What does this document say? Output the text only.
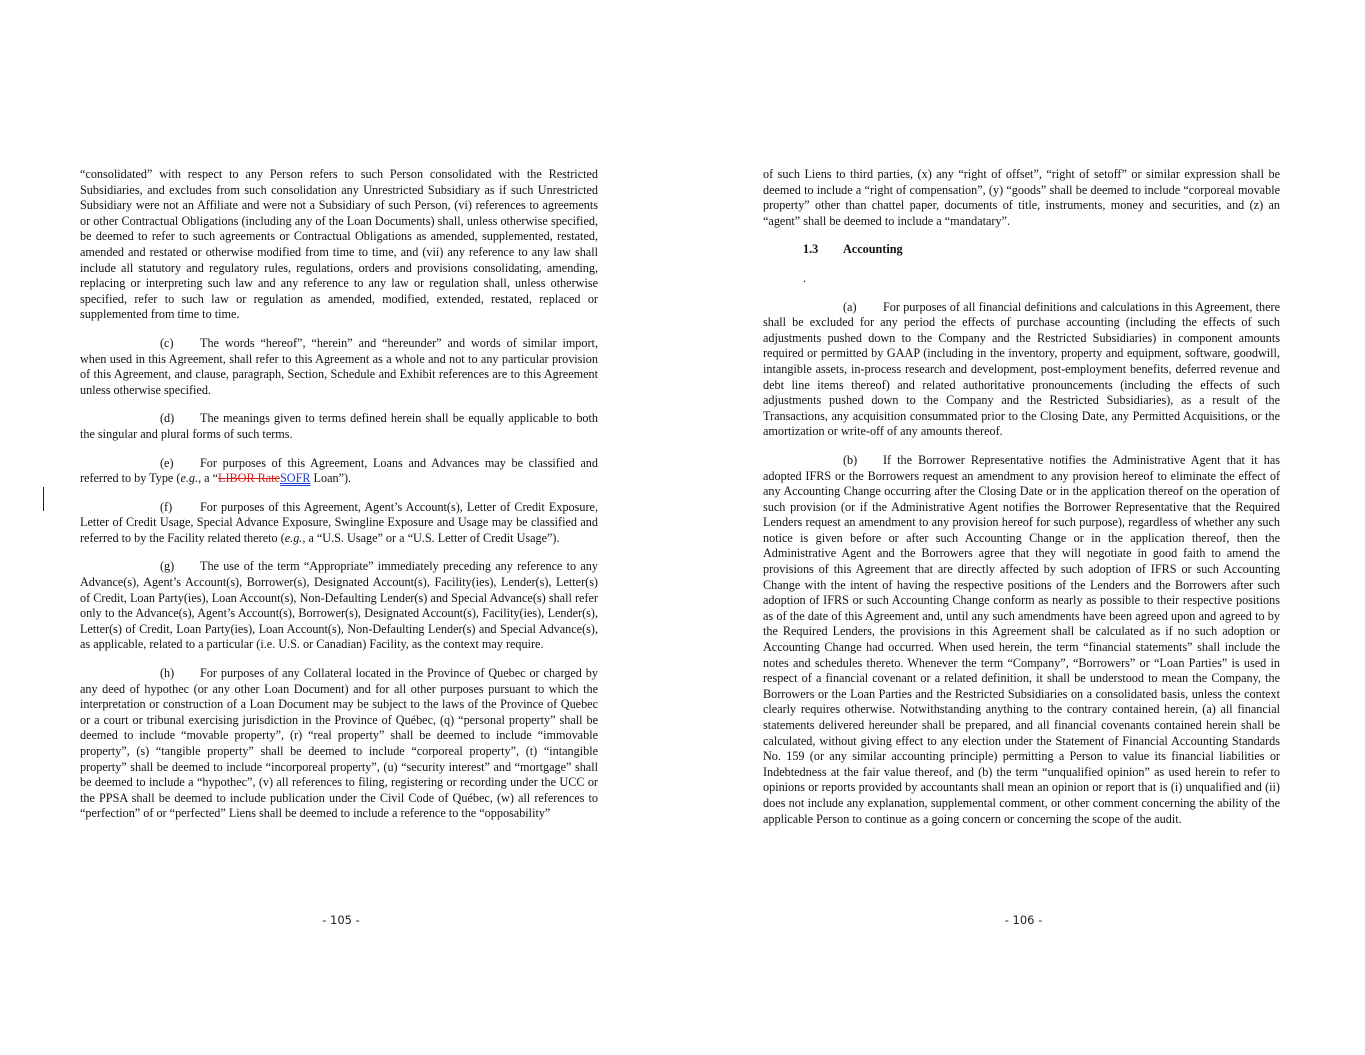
“consolidated” with respect to any Person refers to such Person consolidated with the Restricted Subsidiaries, and excludes from such consolidation any Unrestricted Subsidiary as if such Unrestricted Subsidiary were not an Affiliate and were not a Subsidiary of such Person, (vi) references to agreements or other Contractual Obligations (including any of the Loan Documents) shall, unless otherwise specified, be deemed to refer to such agreements or Contractual Obligations as amended, supplemented, restated, amended and restated or otherwise modified from time to time, and (vii) any reference to any law shall include all statutory and regulatory rules, regulations, orders and provisions consolidating, amending, replacing or interpreting such law and any reference to any law or regulation shall, unless otherwise specified, refer to such law or regulation as amended, modified, extended, restated, replaced or supplemented from time to time.

(c) The words “hereof”, “herein” and “hereunder” and words of similar import, when used in this Agreement, shall refer to this Agreement as a whole and not to any particular provision of this Agreement, and clause, paragraph, Section, Schedule and Exhibit references are to this Agreement unless otherwise specified.

(d) The meanings given to terms defined herein shall be equally applicable to both the singular and plural forms of such terms.

(e) For purposes of this Agreement, Loans and Advances may be classified and referred to by Type (e.g., a “LIBOR RateSOFR Loan”).

(f) For purposes of this Agreement, Agent’s Account(s), Letter of Credit Exposure, Letter of Credit Usage, Special Advance Exposure, Swingline Exposure and Usage may be classified and referred to by the Facility related thereto (e.g., a “U.S. Usage” or a “U.S. Letter of Credit Usage”).

(g) The use of the term “Appropriate” immediately preceding any reference to any Advance(s), Agent’s Account(s), Borrower(s), Designated Account(s), Facility(ies), Lender(s), Letter(s) of Credit, Loan Party(ies), Loan Account(s), Non-Defaulting Lender(s) and Special Advance(s) shall refer only to the Advance(s), Agent’s Account(s), Borrower(s), Designated Account(s), Facility(ies), Lender(s), Letter(s) of Credit, Loan Party(ies), Loan Account(s), Non-Defaulting Lender(s) and Special Advance(s), as applicable, related to a particular (i.e. U.S. or Canadian) Facility, as the context may require.

(h) For purposes of any Collateral located in the Province of Quebec or charged by any deed of hypothec (or any other Loan Document) and for all other purposes pursuant to which the interpretation or construction of a Loan Document may be subject to the laws of the Province of Quebec or a court or tribunal exercising jurisdiction in the Province of Québec, (q) “personal property” shall be deemed to include “movable property”, (r) “real property” shall be deemed to include “immovable property”, (s) “tangible property” shall be deemed to include “corporeal property”, (t) “intangible property” shall be deemed to include “incorporeal property”, (u) “security interest” and “mortgage” shall be deemed to include a “hypothec”, (v) all references to filing, registering or recording under the UCC or the PPSA shall be deemed to include publication under the Civil Code of Québec, (w) all references to “perfection” of or “perfected” Liens shall be deemed to include a reference to the “opposability”

- 105 -

of such Liens to third parties, (x) any “right of offset”, “right of setoff” or similar expression shall be deemed to include a “right of compensation”, (y) “goods” shall be deemed to include “corporeal movable property” other than chattel paper, documents of title, instruments, money and securities, and (z) an “agent” shall be deemed to include a “mandatary”.

1.3 Accounting

.

(a) For purposes of all financial definitions and calculations in this Agreement, there shall be excluded for any period the effects of purchase accounting (including the effects of such adjustments pushed down to the Company and the Restricted Subsidiaries) in component amounts required or permitted by GAAP (including in the inventory, property and equipment, software, goodwill, intangible assets, in-process research and development, post-employment benefits, deferred revenue and debt line items thereof) and related authoritative pronouncements (including the effects of such adjustments pushed down to the Company and the Restricted Subsidiaries), as a result of the Transactions, any acquisition consummated prior to the Closing Date, any Permitted Acquisitions, or the amortization or write-off of any amounts thereof.

(b) If the Borrower Representative notifies the Administrative Agent that it has adopted IFRS or the Borrowers request an amendment to any provision hereof to eliminate the effect of any Accounting Change occurring after the Closing Date or in the application thereof on the operation of such provision (or if the Administrative Agent notifies the Borrower Representative that the Required Lenders request an amendment to any provision hereof for such purpose), regardless of whether any such notice is given before or after such Accounting Change or in the application thereof, then the Administrative Agent and the Borrowers agree that they will negotiate in good faith to amend the provisions of this Agreement that are directly affected by such adoption of IFRS or such Accounting Change with the intent of having the respective positions of the Lenders and the Borrowers after such adoption of IFRS or such Accounting Change conform as nearly as possible to their respective positions as of the date of this Agreement and, until any such amendments have been agreed upon and agreed to by the Required Lenders, the provisions in this Agreement shall be calculated as if no such adoption or Accounting Change had occurred. When used herein, the term “financial statements” shall include the notes and schedules thereto. Whenever the term “Company”, “Borrowers” or “Loan Parties” is used in respect of a financial covenant or a related definition, it shall be understood to mean the Company, the Borrowers or the Loan Parties and the Restricted Subsidiaries on a consolidated basis, unless the context clearly requires otherwise. Notwithstanding anything to the contrary contained herein, (a) all financial statements delivered hereunder shall be prepared, and all financial covenants contained herein shall be calculated, without giving effect to any election under the Statement of Financial Accounting Standards No. 159 (or any similar accounting principle) permitting a Person to value its financial liabilities or Indebtedness at the fair value thereof, and (b) the term “unqualified opinion” as used herein to refer to opinions or reports provided by accountants shall mean an opinion or report that is (i) unqualified and (ii) does not include any explanation, supplemental comment, or other comment concerning the ability of the applicable Person to continue as a going concern or concerning the scope of the audit.

- 106 -
